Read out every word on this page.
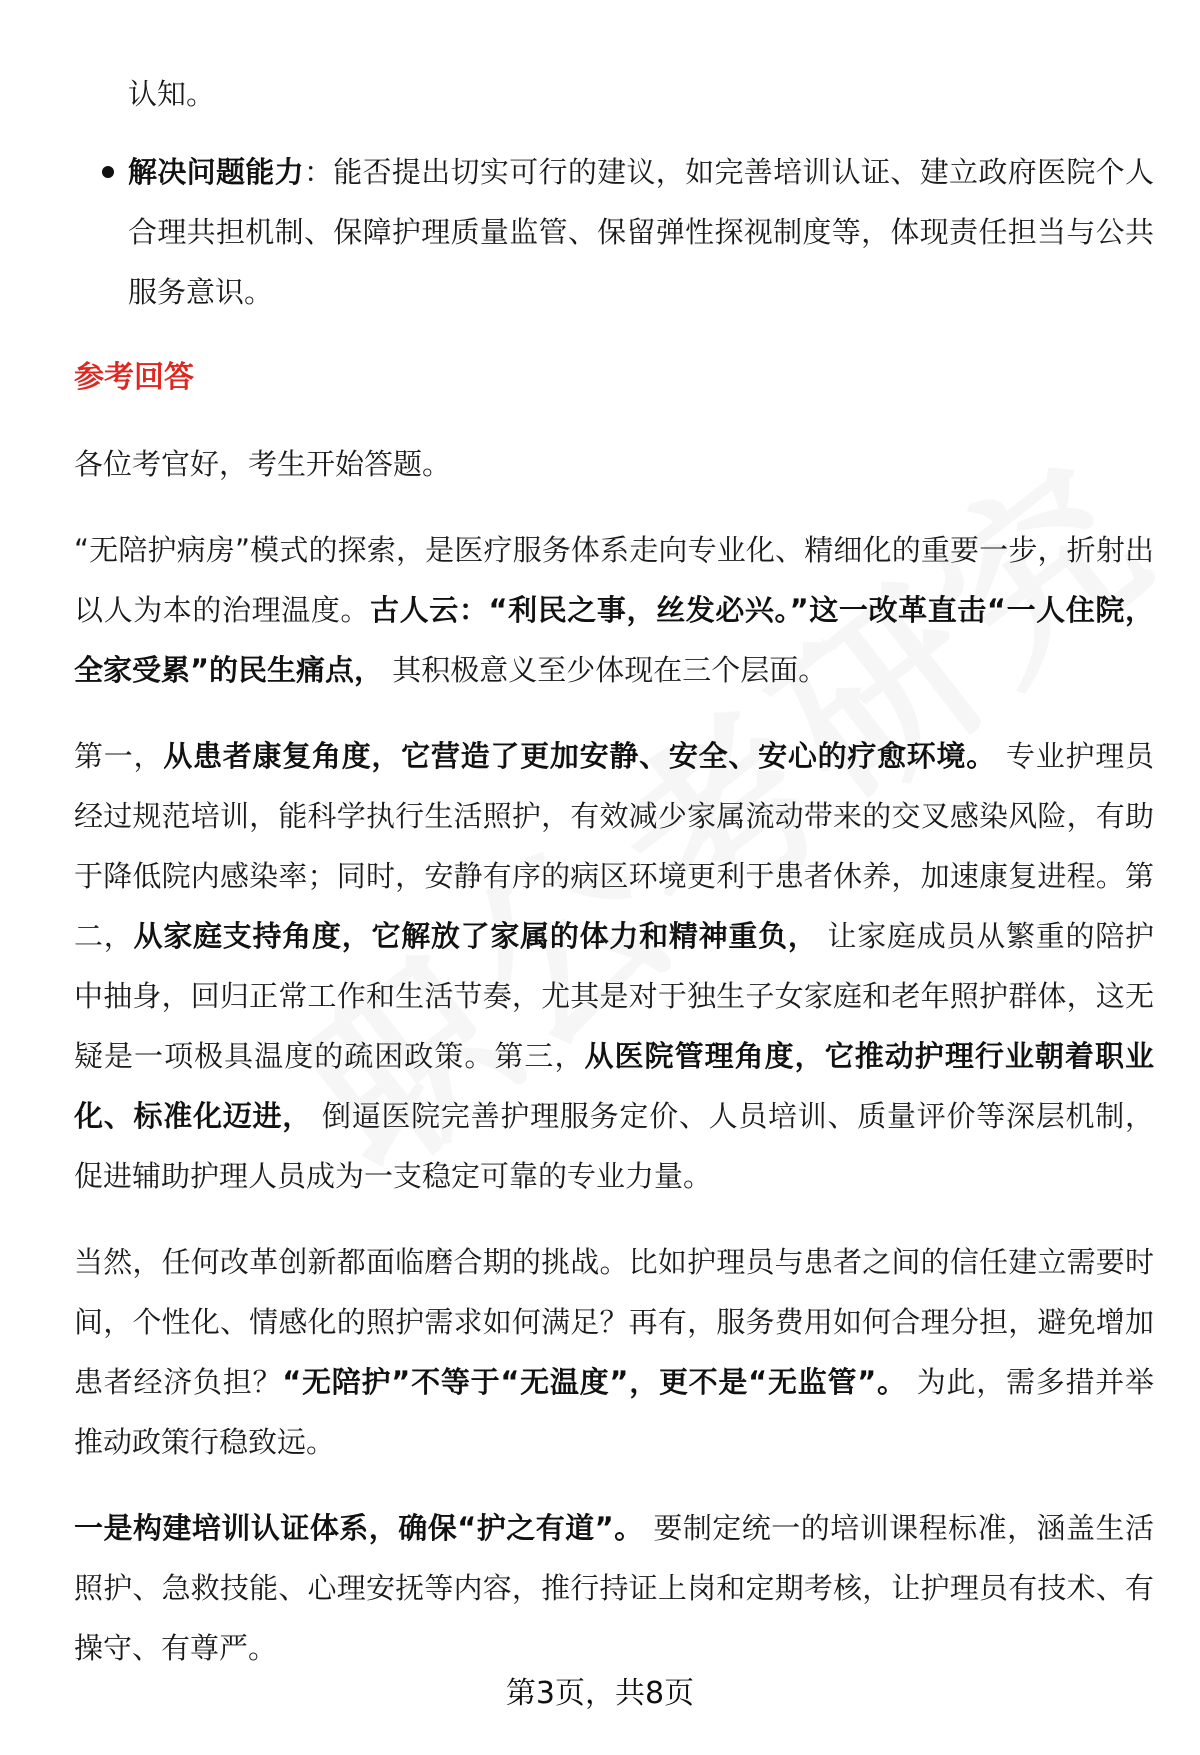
认知。

解决问题能力：能否提出切实可行的建议，如完善培训认证、建立政府医院个人合理共担机制、保障护理质量监管、保留弹性探视制度等，体现责任担当与公共服务意识。
参考回答

各位考官好，考生开始答题。

“无陪护病房”模式的探索，是医疗服务体系走向专业化、精细化的重要一步，折射出以人为本的治理温度。古人云：“利民之事，丝发必兴。”这一改革直击“一人住院，全家受累”的民生痛点， 其积极意义至少体现在三个层面。

第一，从患者康复角度，它营造了更加安静、安全、安心的疗愈环境。 专业护理员经过规范培训，能科学执行生活照护，有效减少家属流动带来的交叉感染风险，有助于降低院内感染率；同时，安静有序的病区环境更利于患者休养，加速康复进程。第二，从家庭支持角度，它解放了家属的体力和精神重负， 让家庭成员从繁重的陪护中抽身，回归正常工作和生活节奏，尤其是对于独生子女家庭和老年照护群体，这无疑是一项极具温度的疏困政策。第三，从医院管理角度，它推动护理行业朝着职业化、标准化迈进， 倒逼医院完善护理服务定价、人员培训、质量评价等深层机制，促进辅助护理人员成为一支稳定可靠的专业力量。

当然，任何改革创新都面临磨合期的挑战。比如护理员与患者之间的信任建立需要时间，个性化、情感化的照护需求如何满足？再有，服务费用如何合理分担，避免增加患者经济负担？“无陪护”不等于“无温度”，更不是“无监管”。 为此，需多措并举推动政策行稳致远。

一是构建培训认证体系，确保“护之有道”。 要制定统一的培训课程标准，涵盖生活照护、急救技能、心理安抚等内容，推行持证上岗和定期考核，让护理员有技术、有操守、有尊严。

第3页，共8页
